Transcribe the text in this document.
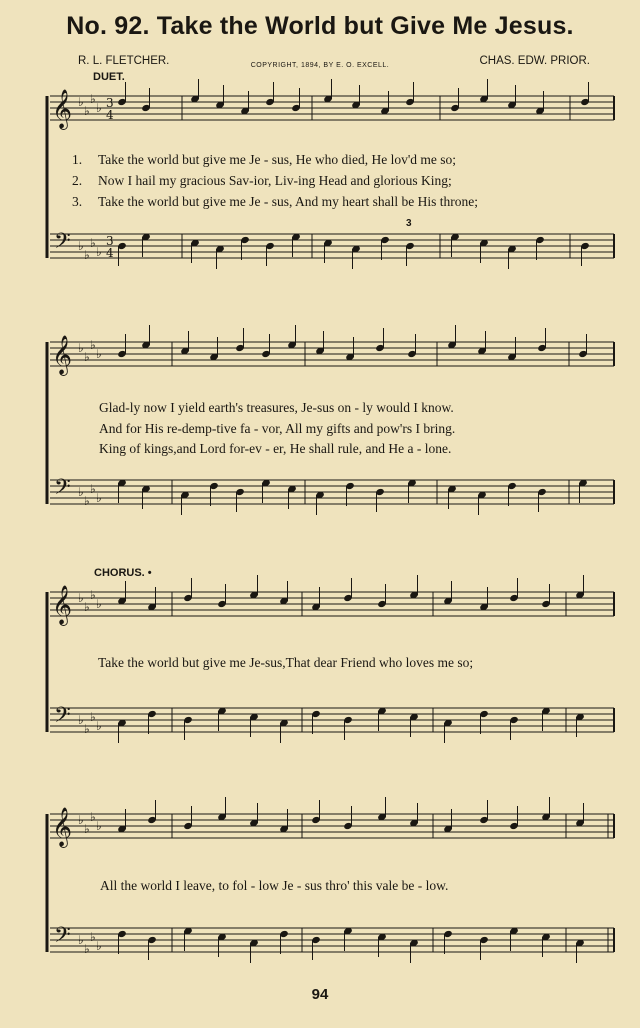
No. 92. Take the World but Give Me Jesus.
R. L. FLETCHER.	COPYRIGHT, 1894, BY E. O. EXCELL.	CHAS. EDW. PRIOR.
DUET.
CHORUS. •
3
♭
♭
♭
♭
𝄞
♭
♭
♭
♭
𝄢
3
4
3
4
♭
♭
♭
♭
𝄞
♭
♭
♭
♭
𝄢
♭
♭
♭
♭
𝄞
♭
♭
♭
♭
𝄢
♭
♭
♭
♭
𝄞
♭
♭
♭
♭
𝄢
1. Take the world but give me Je - sus, He who died, He lov'd me so;
2. Now I hail my gracious Sav-ior, Liv-ing Head and glorious King;
3. Take the world but give me Je - sus, And my heart shall be His throne;
Glad-ly now I yield earth's treasures, Je-sus on - ly would I know.
And for His re-demp-tive fa - vor, All my gifts and pow'rs I bring.
King of kings,and Lord for-ev - er, He shall rule, and He a - lone.
Take the world but give me Je-sus,That dear Friend who loves me so;
All the world I leave, to fol - low Je - sus thro' this vale be - low.
94
